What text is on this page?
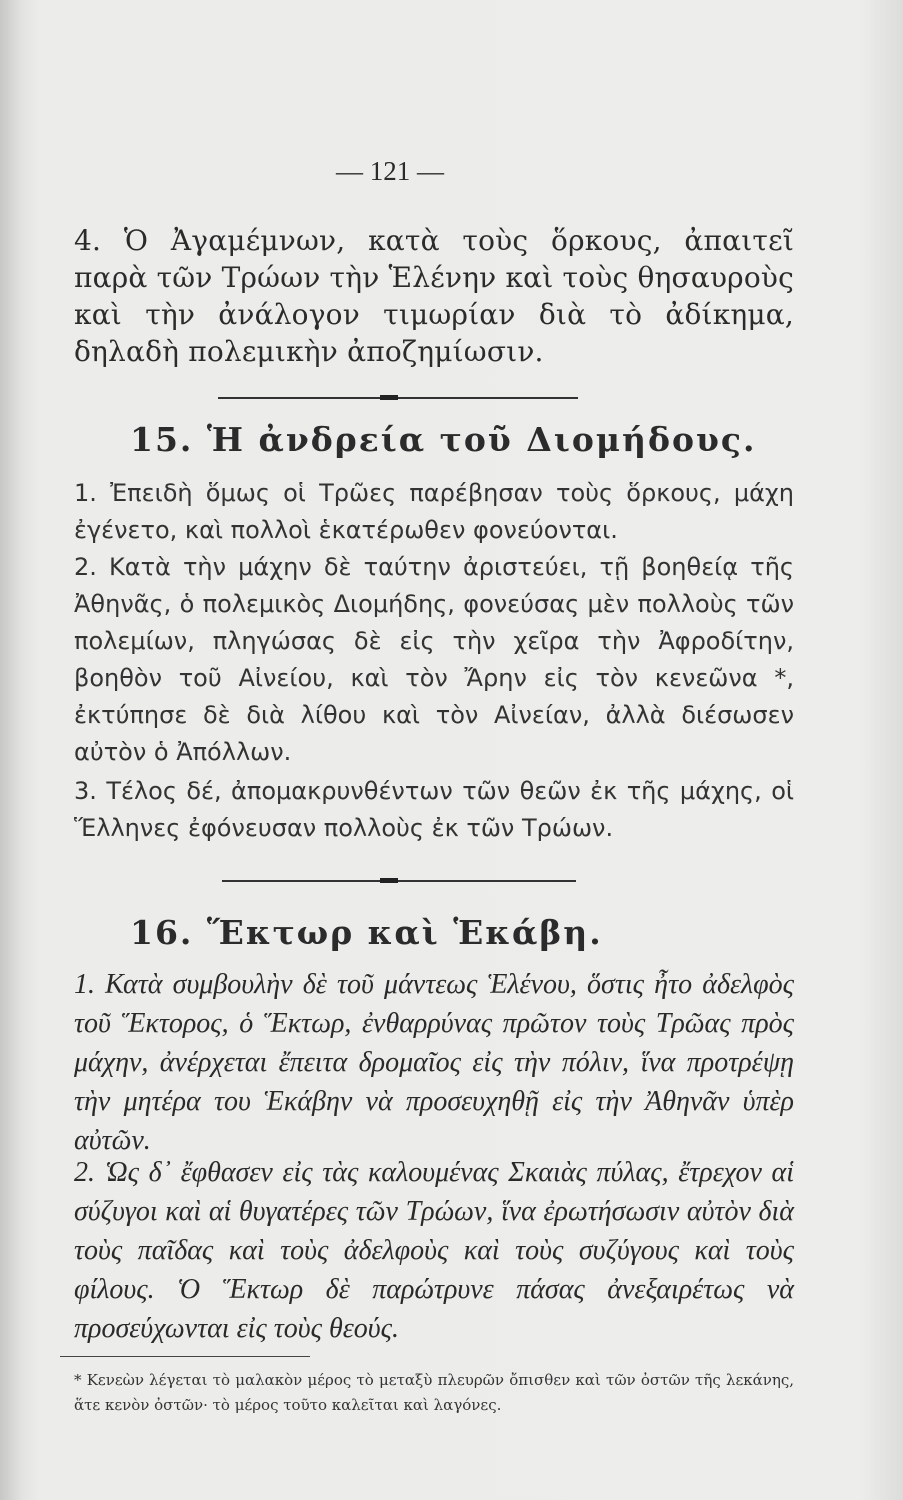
— 121 —
4. Ὁ Ἀγαμέμνων, κατὰ τοὺς ὅρκους, ἀπαιτεῖ παρὰ τῶν Τρώων τὴν Ἑλένην καὶ τοὺς θησαυροὺς καὶ τὴν ἀνάλογον τιμωρίαν διὰ τὸ ἀδίκημα, δηλαδὴ πολεμικὴν ἀποζημίωσιν.
15. Ἡ ἀνδρεία τοῦ Διομήδους.
1. Ἐπειδὴ ὅμως οἱ Τρῶες παρέβησαν τοὺς ὅρκους, μάχη ἐγένετο, καὶ πολλοὶ ἑκατέρωθεν φονεύονται.
2. Κατὰ τὴν μάχην δὲ ταύτην ἀριστεύει, τῇ βοηθείᾳ τῆς Ἀθηνᾶς, ὁ πολεμικὸς Διομήδης, φονεύσας μὲν πολλοὺς τῶν πολεμίων, πληγώσας δὲ εἰς τὴν χεῖρα τὴν Ἀφροδίτην, βοηθὸν τοῦ Αἰνείου, καὶ τὸν Ἄρην εἰς τὸν κενεῶνα *, ἐκτύπησε δὲ διὰ λίθου καὶ τὸν Αἰνείαν, ἀλλὰ διέσωσεν αὐτὸν ὁ Ἀπόλλων.
3. Τέλος δέ, ἀπομακρυνθέντων τῶν θεῶν ἐκ τῆς μάχης, οἱ Ἕλληνες ἐφόνευσαν πολλοὺς ἐκ τῶν Τρώων.
16. Ἕκτωρ καὶ Ἑκάβη.
1. Κατὰ συμβουλὴν δὲ τοῦ μάντεως Ἑλένου, ὅστις ἦτο ἀδελφὸς τοῦ Ἕκτορος, ὁ Ἕκτωρ, ἐνθαρρύνας πρῶτον τοὺς Τρῶας πρὸς μάχην, ἀνέρχεται ἔπειτα δρομαῖος εἰς τὴν πόλιν, ἵνα προτρέψῃ τὴν μητέρα του Ἑκάβην νὰ προσευχηθῇ εἰς τὴν Ἀθηνᾶν ὑπὲρ αὐτῶν.
2. Ὡς δ᾽ ἔφθασεν εἰς τὰς καλουμένας Σκαιὰς πύλας, ἔτρεχον αἱ σύζυγοι καὶ αἱ θυγατέρες τῶν Τρώων, ἵνα ἐρωτήσωσιν αὐτὸν διὰ τοὺς παῖδας καὶ τοὺς ἀδελφοὺς καὶ τοὺς συζύγους καὶ τοὺς φίλους. Ὁ Ἕκτωρ δὲ παρώτρυνε πάσας ἀνεξαιρέτως νὰ προσεύχωνται εἰς τοὺς θεούς.
* Κενεὼν λέγεται τὸ μαλακὸν μέρος τὸ μεταξὺ πλευρῶν ὄπισθεν καὶ τῶν ὀστῶν τῆς λεκάνης, ἅτε κενὸν ὀστῶν· τὸ μέρος τοῦτο καλεῖται καὶ λαγόνες.
